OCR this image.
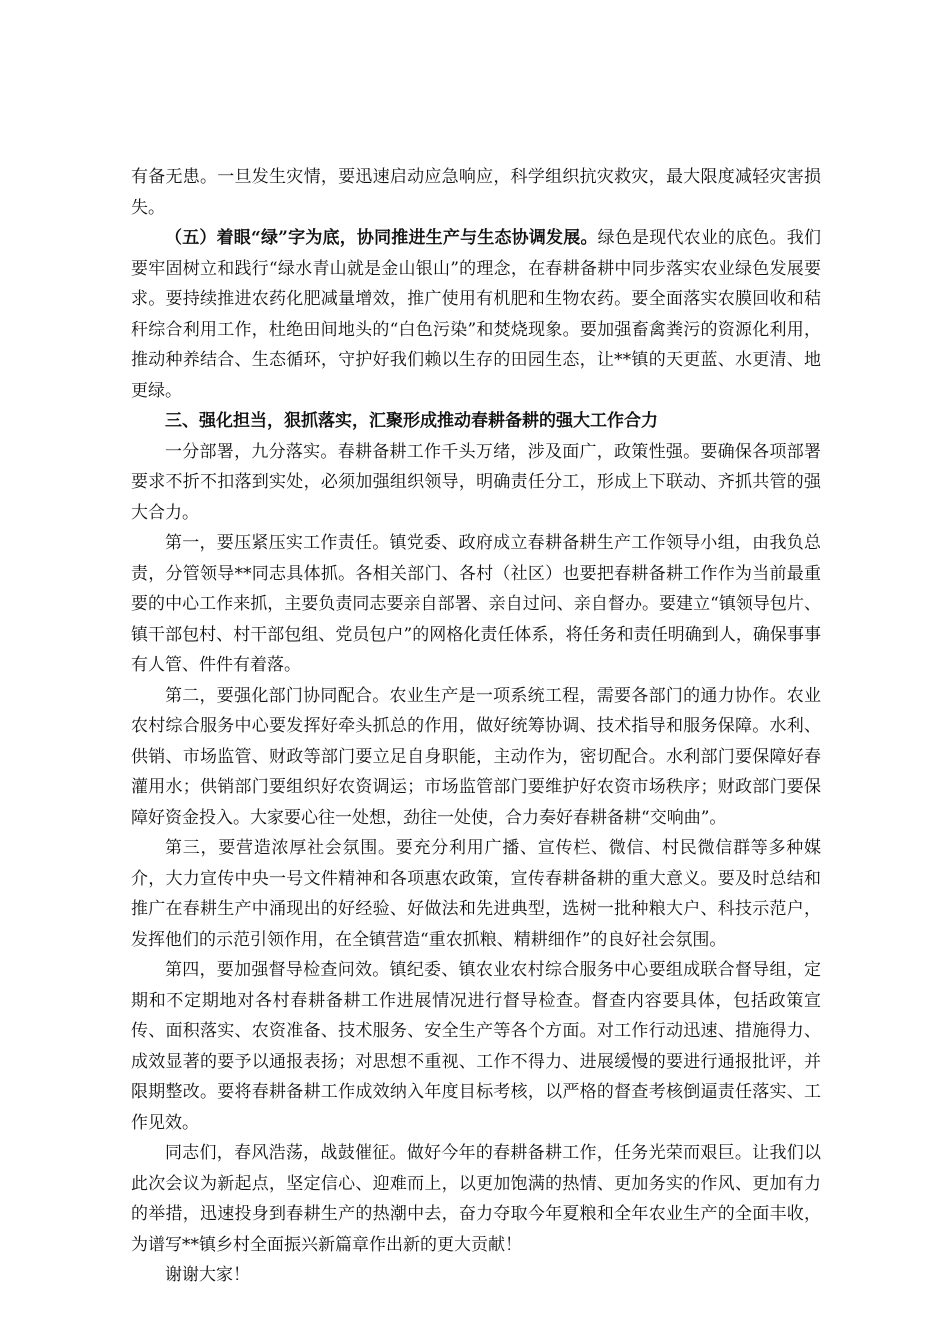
有备无患。一旦发生灾情，要迅速启动应急响应，科学组织抗灾救灾，最大限度减轻灾害损失。

（五）着眼“绿”字为底，协同推进生产与生态协调发展。绿色是现代农业的底色。我们要牢固树立和践行“绿水青山就是金山银山”的理念，在春耕备耕中同步落实农业绿色发展要求。要持续推进农药化肥减量增效，推广使用有机肥和生物农药。要全面落实农膜回收和秸秆综合利用工作，杜绝田间地头的“白色污染”和焚烧现象。要加强畜禽粪污的资源化利用，推动种养结合、生态循环，守护好我们赖以生存的田园生态，让**镇的天更蓝、水更清、地更绿。

三、强化担当，狠抓落实，汇聚形成推动春耕备耕的强大工作合力

一分部署，九分落实。春耕备耕工作千头万绪，涉及面广，政策性强。要确保各项部署要求不折不扣落到实处，必须加强组织领导，明确责任分工，形成上下联动、齐抓共管的强大合力。

第一，要压紧压实工作责任。镇党委、政府成立春耕备耕生产工作领导小组，由我负总责，分管领导**同志具体抓。各相关部门、各村（社区）也要把春耕备耕工作作为当前最重要的中心工作来抓，主要负责同志要亲自部署、亲自过问、亲自督办。要建立“镇领导包片、镇干部包村、村干部包组、党员包户”的网格化责任体系，将任务和责任明确到人，确保事事有人管、件件有着落。

第二，要强化部门协同配合。农业生产是一项系统工程，需要各部门的通力协作。农业农村综合服务中心要发挥好牵头抓总的作用，做好统筹协调、技术指导和服务保障。水利、供销、市场监管、财政等部门要立足自身职能，主动作为，密切配合。水利部门要保障好春灌用水；供销部门要组织好农资调运；市场监管部门要维护好农资市场秩序；财政部门要保障好资金投入。大家要心往一处想，劲往一处使，合力奏好春耕备耕“交响曲”。

第三，要营造浓厚社会氛围。要充分利用广播、宣传栏、微信、村民微信群等多种媒介，大力宣传中央一号文件精神和各项惠农政策，宣传春耕备耕的重大意义。要及时总结和推广在春耕生产中涌现出的好经验、好做法和先进典型，选树一批种粮大户、科技示范户，发挥他们的示范引领作用，在全镇营造“重农抓粮、精耕细作”的良好社会氛围。

第四，要加强督导检查问效。镇纪委、镇农业农村综合服务中心要组成联合督导组，定期和不定期地对各村春耕备耕工作进展情况进行督导检查。督查内容要具体，包括政策宣传、面积落实、农资准备、技术服务、安全生产等各个方面。对工作行动迅速、措施得力、成效显著的要予以通报表扬；对思想不重视、工作不得力、进展缓慢的要进行通报批评，并限期整改。要将春耕备耕工作成效纳入年度目标考核，以严格的督查考核倒逼责任落实、工作见效。

同志们，春风浩荡，战鼓催征。做好今年的春耕备耕工作，任务光荣而艰巨。让我们以此次会议为新起点，坚定信心、迎难而上，以更加饱满的热情、更加务实的作风、更加有力的举措，迅速投身到春耕生产的热潮中去，奋力夺取今年夏粮和全年农业生产的全面丰收，为谱写**镇乡村全面振兴新篇章作出新的更大贡献！

谢谢大家！
